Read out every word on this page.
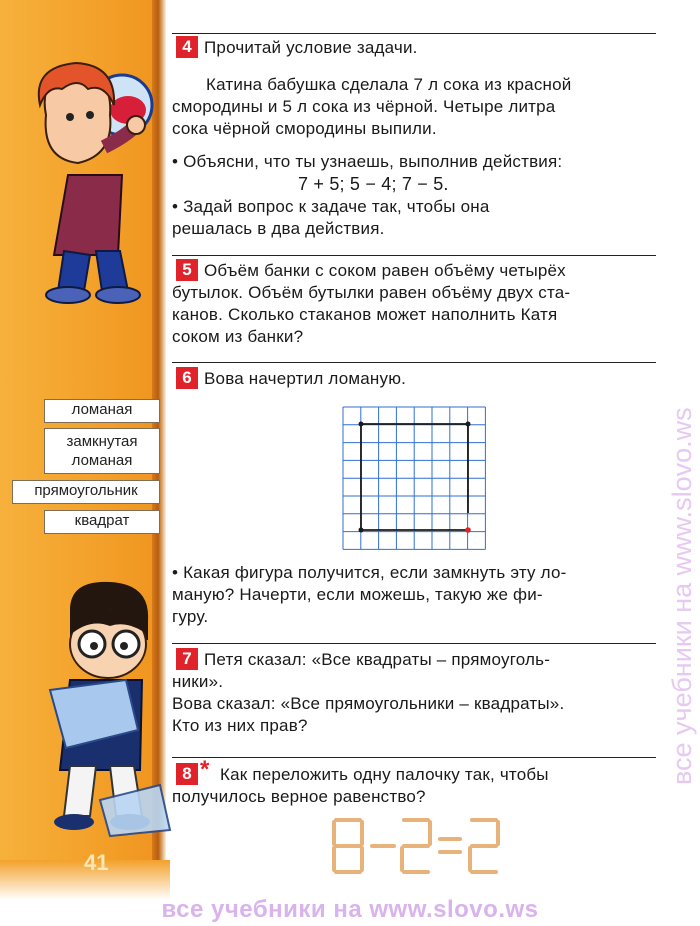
ломаная
замкнутая
ломаная
прямоугольник
квадрат
41
4 Прочитай условие задачи.
Катина бабушка сделала 7 л сока из красной
смородины и 5 л сока из чёрной. Четыре литра
сока чёрной смородины выпили.
• Объясни, что ты узнаешь, выполнив действия:
7 + 5; 5 − 4; 7 − 5.
• Задай вопрос к задаче так, чтобы она
решалась в два действия.
5 Объём банки с соком равен объёму четырёх
бутылок. Объём бутылки равен объёму двух ста-
канов. Сколько стаканов может наполнить Катя
соком из банки?
6 Вова начертил ломаную.
• Какая фигура получится, если замкнуть эту ло-
маную? Начерти, если можешь, такую же фи-
гуру.
7 Петя сказал: «Все квадраты – прямоуголь-
ники».
Вова сказал: «Все прямоугольники – квадраты».
Кто из них прав?
8 * Как переложить одну палочку так, чтобы
получилось верное равенство?
все учебники на www.slovo.ws
все учебники на www.slovo.ws
